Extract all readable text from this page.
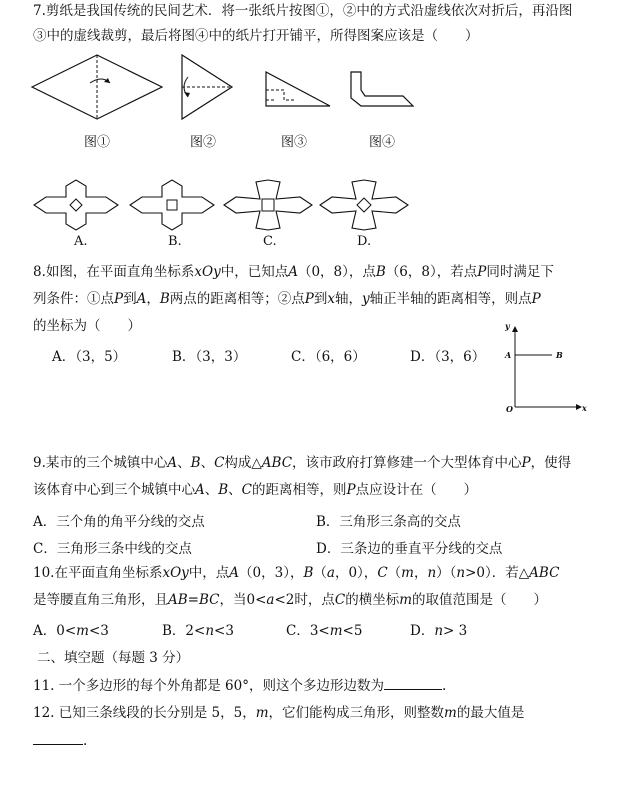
7.剪纸是我国传统的民间艺术．将一张纸片按图①，②中的方式沿虚线依次对折后，再沿图
③中的虚线裁剪，最后将图④中的纸片打开铺平，所得图案应该是（　　）
图①	图②	图③	图④
A.	B.	C.	D.
8.如图，在平面直角坐标系xOy中，已知点A（0，8），点B（6，8），若点P同时满足下
列条件：①点P到A，B两点的距离相等；②点P到x轴，y轴正半轴的距离相等，则点P
的坐标为（　　）
A．（3，5）	B．（3，3）	C．（6，6）	D．（3，6）
y
x
O
A	B
9.某市的三个城镇中心A、B、C构成△ABC，该市政府打算修建一个大型体育中心P，使得
该体育中心到三个城镇中心A、B、C的距离相等，则P点应设计在（　　）
A．三个角的角平分线的交点	B．三角形三条高的交点
C．三角形三条中线的交点	D．三条边的垂直平分线的交点
10.在平面直角坐标系xOy中，点A（0，3），B（a，0），C（m，n）（n>0）．若△ABC
是等腰直角三角形，且AB=BC，当0<a<2时，点C的横坐标m的取值范围是（　　）
A．0<m<3	B．2<n<3	C．3<m<5	D．n> 3
二、填空题（每题 3 分）
11. 一个多边形的每个外角都是 60°，则这个多边形边数为	.
12. 已知三条线段的长分别是 5，5，m，它们能构成三角形，则整数m的最大值是
.
